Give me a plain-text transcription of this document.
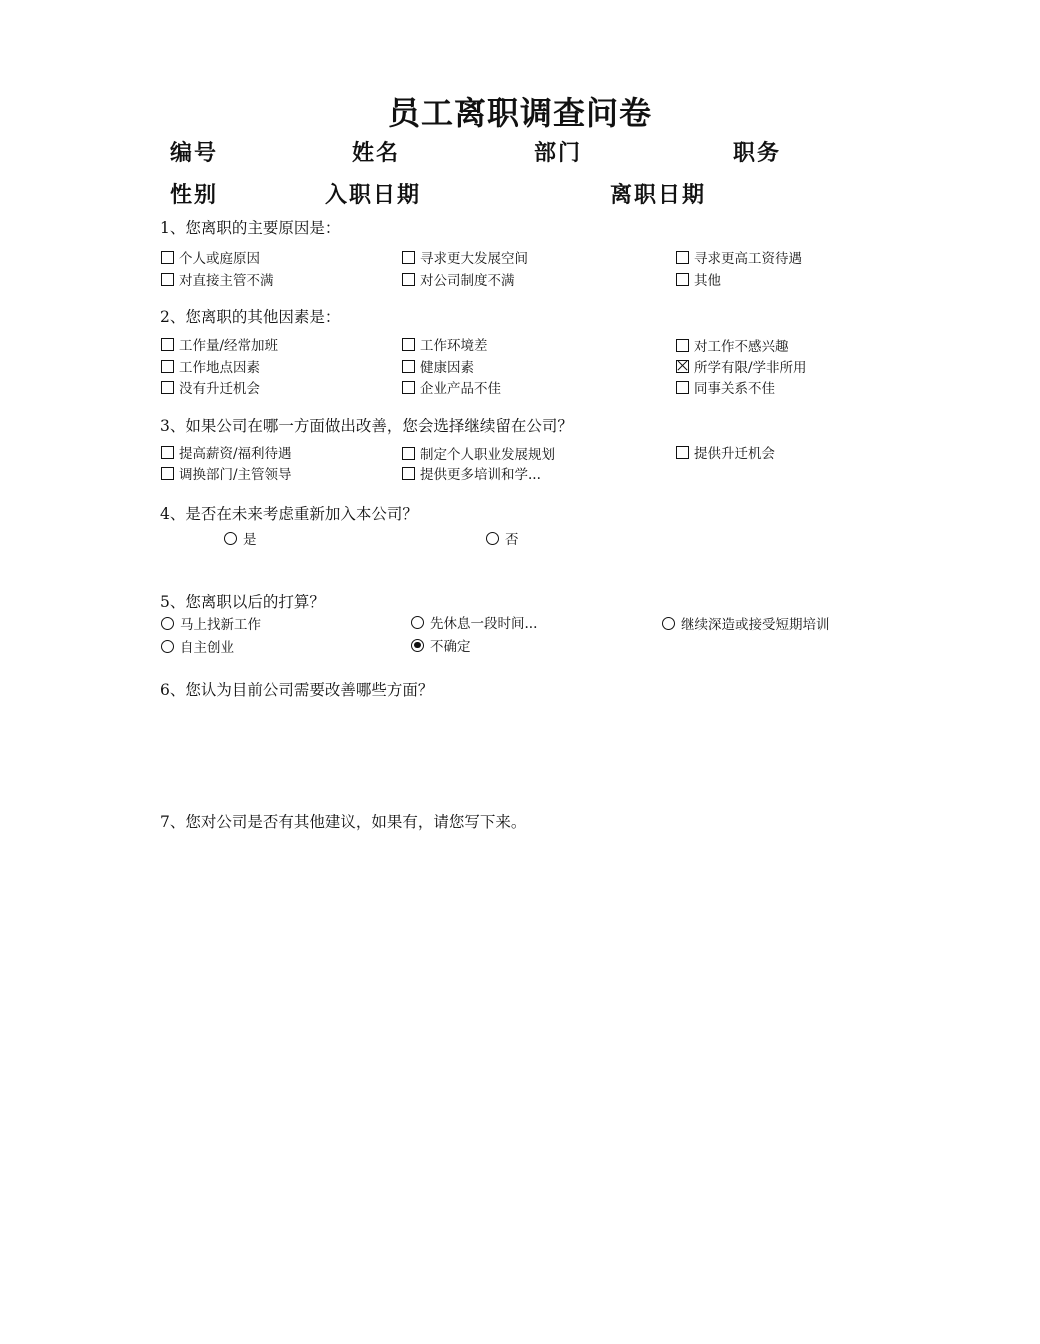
员工离职调查问卷
编号	姓名	部门	职务
性别	入职日期	离职日期
1、您离职的主要原因是：
个人或庭原因	寻求更大发展空间	寻求更高工资待遇
对直接主管不满	对公司制度不满	其他
2、您离职的其他因素是：
工作量/经常加班	工作环境差	对工作不感兴趣
工作地点因素	健康因素	所学有限/学非所用
没有升迁机会	企业产品不佳	同事关系不佳
3、如果公司在哪一方面做出改善，您会选择继续留在公司？
提高薪资/福利待遇	制定个人职业发展规划	提供升迁机会
调换部门/主管领导	提供更多培训和学...
4、是否在未来考虑重新加入本公司？
是	否
5、您离职以后的打算？
马上找新工作	先休息一段时间...	继续深造或接受短期培训
自主创业	不确定
6、您认为目前公司需要改善哪些方面？
7、您对公司是否有其他建议，如果有，请您写下来。
